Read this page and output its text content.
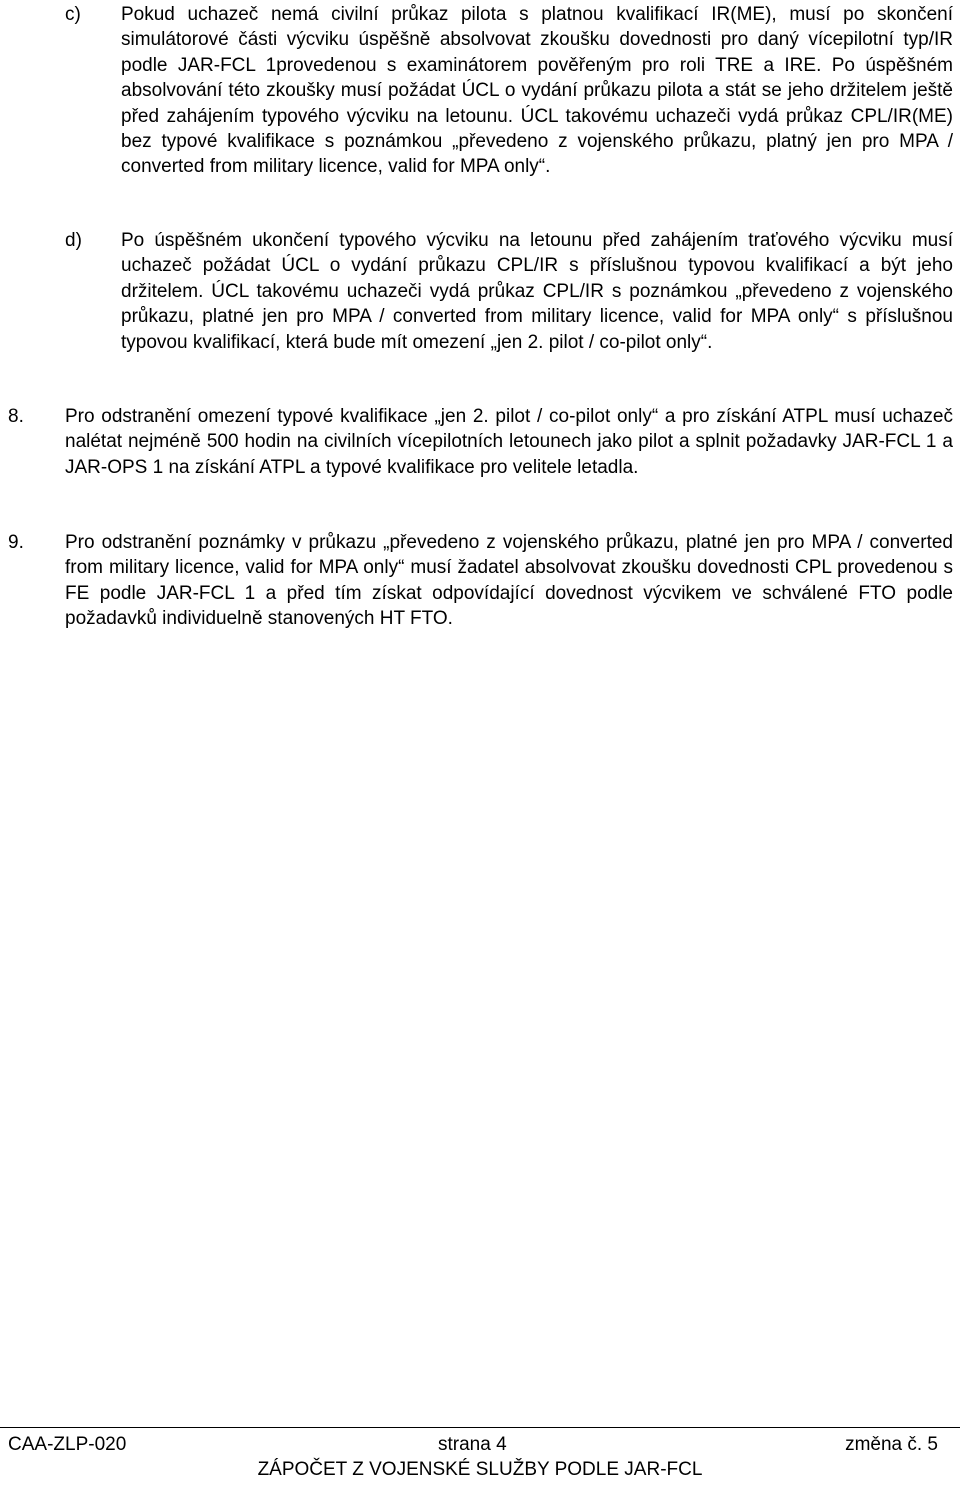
c) Pokud uchazeč nemá civilní průkaz pilota s platnou kvalifikací IR(ME), musí po skončení simulátorové části výcviku úspěšně absolvovat zkoušku dovednosti pro daný vícepilotní typ/IR podle JAR-FCL 1provedenou s examinátorem pověřeným pro roli TRE a IRE. Po úspěšném absolvování této zkoušky musí požádat ÚCL o vydání průkazu pilota a stát se jeho držitelem ještě před zahájením typového výcviku na letounu. ÚCL takovému uchazeči vydá průkaz CPL/IR(ME) bez typové kvalifikace s poznámkou „převedeno z vojenského průkazu, platný jen pro MPA / converted from military licence, valid for MPA only“.

d) Po úspěšném ukončení typového výcviku na letounu před zahájením traťového výcviku musí uchazeč požádat ÚCL o vydání průkazu CPL/IR s příslušnou typovou kvalifikací a být jeho držitelem. ÚCL takovému uchazeči vydá průkaz CPL/IR s poznámkou „převedeno z vojenského průkazu, platné jen pro MPA / converted from military licence, valid for MPA only“ s příslušnou typovou kvalifikací, která bude mít omezení „jen 2. pilot / co-pilot only“.

8. Pro odstranění omezení typové kvalifikace „jen 2. pilot / co-pilot only“ a pro získání ATPL musí uchazeč nalétat nejméně 500 hodin na civilních vícepilotních letounech jako pilot a splnit požadavky JAR-FCL 1 a JAR-OPS 1 na získání ATPL a typové kvalifikace pro velitele letadla.

9. Pro odstranění poznámky v průkazu „převedeno z vojenského průkazu, platné jen pro MPA / converted from military licence, valid for MPA only“ musí žadatel absolvovat zkoušku dovednosti CPL provedenou s FE podle JAR-FCL 1 a před tím získat odpovídající dovednost výcvikem ve schválené FTO podle požadavků individuelně stanovených HT FTO.

CAA-ZLP-020	strana 4	změna č. 5
ZÁPOČET Z VOJENSKÉ SLUŽBY PODLE JAR-FCL
